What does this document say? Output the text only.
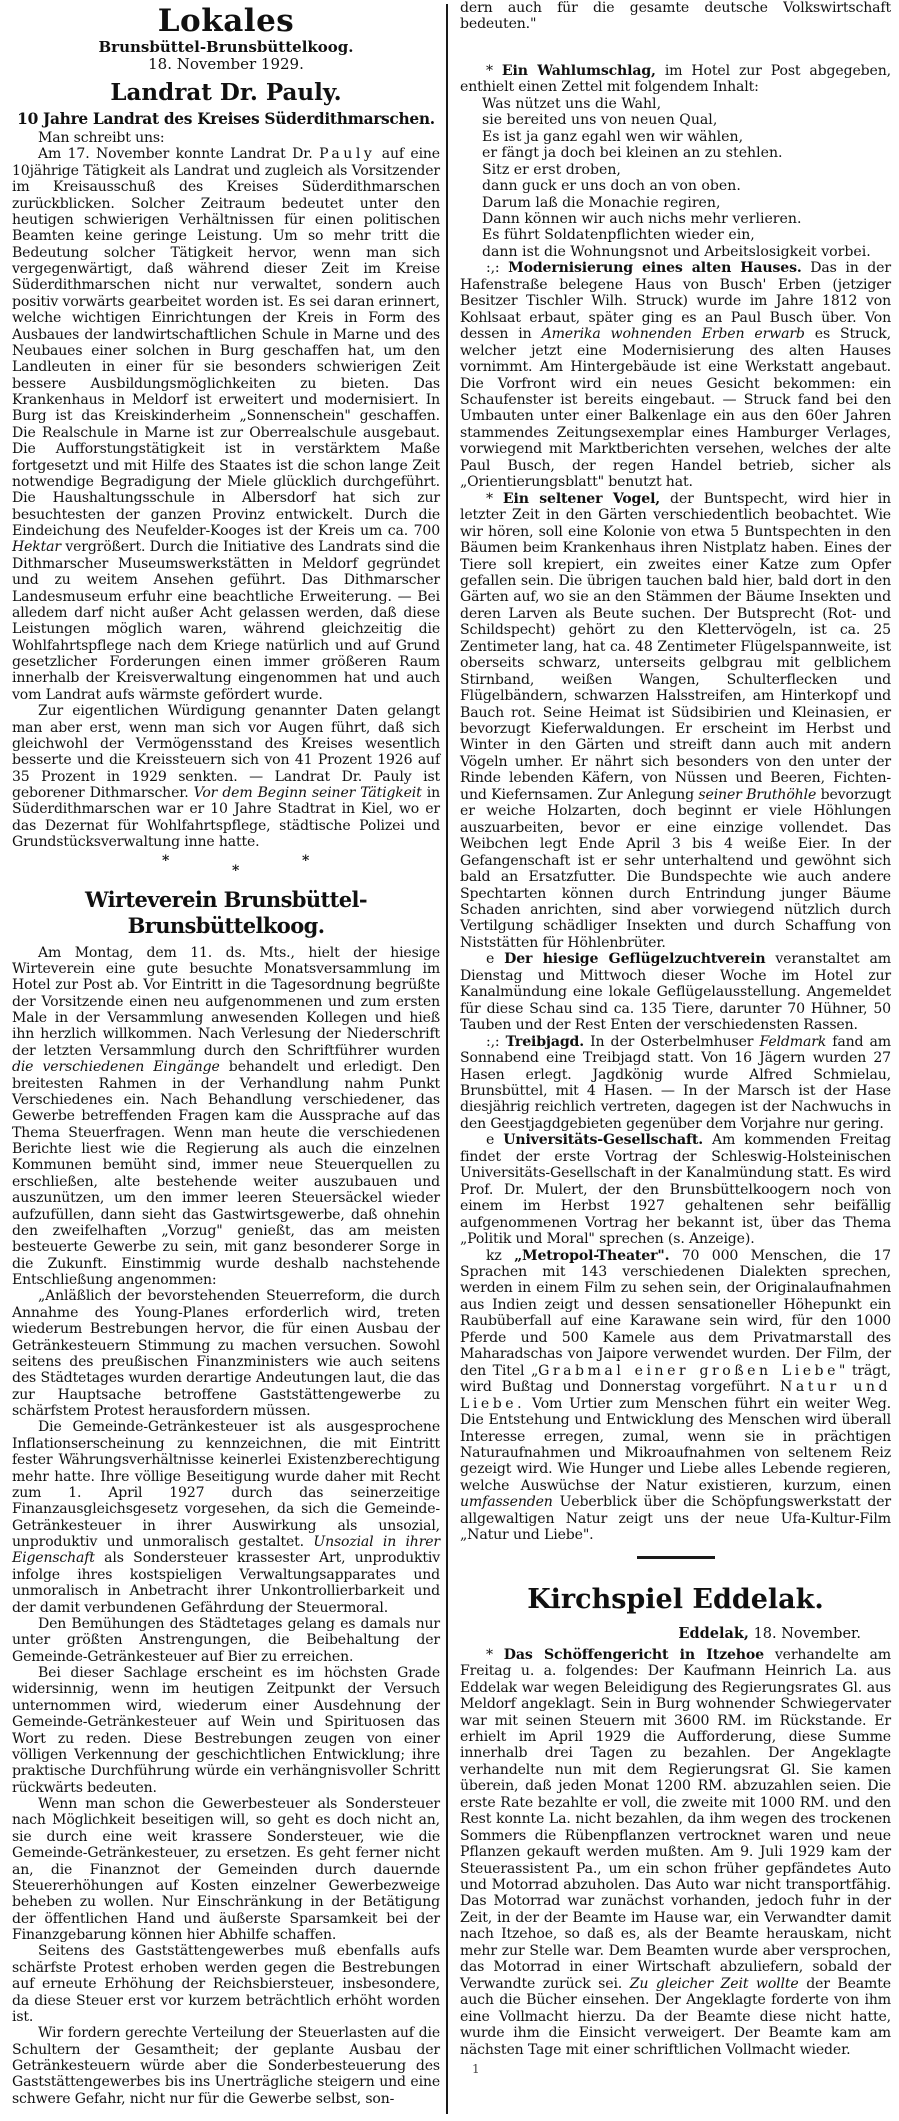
Lokales
Brunsbüttel-Brunsbüttelkoog.
18. November 1929.
Landrat Dr. Pauly.
10 Jahre Landrat des Kreises Süderdithmarschen.

Man schreibt uns:

Am 17. November konnte Landrat Dr. Pauly auf eine 10jährige Tätigkeit als Landrat und zugleich als Vorsitzender im Kreisausschuß des Kreises Süderdithmarschen zurückblicken. Solcher Zeitraum bedeutet unter den heutigen schwierigen Verhältnissen für einen politischen Beamten keine geringe Leistung. Um so mehr tritt die Bedeutung solcher Tätigkeit hervor, wenn man sich vergegenwärtigt, daß während dieser Zeit im Kreise Süderdithmarschen nicht nur verwaltet, sondern auch positiv vorwärts gearbeitet worden ist. Es sei daran erinnert, welche wichtigen Einrichtungen der Kreis in Form des Ausbaues der landwirtschaftlichen Schule in Marne und des Neubaues einer solchen in Burg geschaffen hat, um den Landleuten in einer für sie besonders schwierigen Zeit bessere Ausbildungsmöglichkeiten zu bieten. Das Krankenhaus in Meldorf ist erweitert und modernisiert. In Burg ist das Kreiskinderheim „Sonnenschein" geschaffen. Die Realschule in Marne ist zur Oberrealschule ausgebaut. Die Aufforstungstätigkeit ist in verstärktem Maße fortgesetzt und mit Hilfe des Staates ist die schon lange Zeit notwendige Begradigung der Miele glücklich durchgeführt. Die Haushaltungsschule in Albersdorf hat sich zur besuchtesten der ganzen Provinz entwickelt. Durch die Eindeichung des Neufelder-Kooges ist der Kreis um ca. 700 Hektar vergrößert. Durch die Initiative des Landrats sind die Dithmarscher Museumswerkstätten in Meldorf gegründet und zu weitem Ansehen geführt. Das Dithmarscher Landesmuseum erfuhr eine beachtliche Erweiterung. — Bei alledem darf nicht außer Acht gelassen werden, daß diese Leistungen möglich waren, während gleichzeitig die Wohlfahrtspflege nach dem Kriege natürlich und auf Grund gesetzlicher Forderungen einen immer größeren Raum innerhalb der Kreisverwaltung eingenommen hat und auch vom Landrat aufs wärmste gefördert wurde.

Zur eigentlichen Würdigung genannter Daten gelangt man aber erst, wenn man sich vor Augen führt, daß sich gleichwohl der Vermögensstand des Kreises wesentlich besserte und die Kreissteuern sich von 41 Prozent 1926 auf 35 Prozent in 1929 senkten. — Landrat Dr. Pauly ist geborener Dithmarscher. Vor dem Beginn seiner Tätigkeit in Süderdithmarschen war er 10 Jahre Stadtrat in Kiel, wo er das Dezernat für Wohlfahrtspflege, städtische Polizei und Grundstücksverwaltung inne hatte.

*
*
*
Wirteverein Brunsbüttel-Brunsbüttelkoog.

Am Montag, dem 11. ds. Mts., hielt der hiesige Wirteverein eine gute besuchte Monatsversammlung im Hotel zur Post ab. Vor Eintritt in die Tagesordnung begrüßte der Vorsitzende einen neu aufgenommenen und zum ersten Male in der Versammlung anwesenden Kollegen und hieß ihn herzlich willkommen. Nach Verlesung der Niederschrift der letzten Versammlung durch den Schriftführer wurden die verschiedenen Eingänge behandelt und erledigt. Den breitesten Rahmen in der Verhandlung nahm Punkt Verschiedenes ein. Nach Behandlung verschiedener, das Gewerbe betreffenden Fragen kam die Aussprache auf das Thema Steuerfragen. Wenn man heute die verschiedenen Berichte liest wie die Regierung als auch die einzelnen Kommunen bemüht sind, immer neue Steuerquellen zu erschließen, alte bestehende weiter auszubauen und auszunützen, um den immer leeren Steuersäckel wieder aufzufüllen, dann sieht das Gastwirtsgewerbe, daß ohnehin den zweifelhaften „Vorzug" genießt, das am meisten besteuerte Gewerbe zu sein, mit ganz besonderer Sorge in die Zukunft. Einstimmig wurde deshalb nachstehende Entschließung angenommen:

„Anläßlich der bevorstehenden Steuerreform, die durch Annahme des Young-Planes erforderlich wird, treten wiederum Bestrebungen hervor, die für einen Ausbau der Getränkesteuern Stimmung zu machen versuchen. Sowohl seitens des preußischen Finanzministers wie auch seitens des Städtetages wurden derartige Andeutungen laut, die das zur Hauptsache betroffene Gaststättengewerbe zu schärfstem Protest herausfordern müssen.

Die Gemeinde-Getränkesteuer ist als ausgesprochene Inflationserscheinung zu kennzeichnen, die mit Eintritt fester Währungsverhältnisse keinerlei Existenzberechtigung mehr hatte. Ihre völlige Beseitigung wurde daher mit Recht zum 1. April 1927 durch das seinerzeitige Finanzausgleichsgesetz vorgesehen, da sich die Gemeinde-Getränkesteuer in ihrer Auswirkung als unsozial, unproduktiv und unmoralisch gestaltet. Unsozial in ihrer Eigenschaft als Sondersteuer krassester Art, unproduktiv infolge ihres kostspieligen Verwaltungsapparates und unmoralisch in Anbetracht ihrer Unkontrollierbarkeit und der damit verbundenen Gefährdung der Steuermoral.

Den Bemühungen des Städtetages gelang es damals nur unter größten Anstrengungen, die Beibehaltung der Gemeinde-Getränkesteuer auf Bier zu erreichen.

Bei dieser Sachlage erscheint es im höchsten Grade widersinnig, wenn im heutigen Zeitpunkt der Versuch unternommen wird, wiederum einer Ausdehnung der Gemeinde-Getränkesteuer auf Wein und Spirituosen das Wort zu reden. Diese Bestrebungen zeugen von einer völligen Verkennung der geschichtlichen Entwicklung; ihre praktische Durchführung würde ein verhängnisvoller Schritt rückwärts bedeuten.

Wenn man schon die Gewerbesteuer als Sondersteuer nach Möglichkeit beseitigen will, so geht es doch nicht an, sie durch eine weit krassere Sondersteuer, wie die Gemeinde-Getränkesteuer, zu ersetzen. Es geht ferner nicht an, die Finanznot der Gemeinden durch dauernde Steuererhöhungen auf Kosten einzelner Gewerbezweige beheben zu wollen. Nur Einschränkung in der Betätigung der öffentlichen Hand und äußerste Sparsamkeit bei der Finanzgebarung können hier Abhilfe schaffen.

Seitens des Gaststättengewerbes muß ebenfalls aufs schärfste Protest erhoben werden gegen die Bestrebungen auf erneute Erhöhung der Reichsbiersteuer, insbesondere, da diese Steuer erst vor kurzem beträchtlich erhöht worden ist.

Wir fordern gerechte Verteilung der Steuerlasten auf die Schultern der Gesamtheit; der geplante Ausbau der Getränkesteuern würde aber die Sonderbesteuerung des Gaststättengewerbes bis ins Unerträgliche steigern und eine schwere Gefahr, nicht nur für die Gewerbe selbst, son-

dern auch für die gesamte deutsche Volkswirtschaft bedeuten."

* Ein Wahlumschlag, im Hotel zur Post abgegeben, enthielt einen Zettel mit folgendem Inhalt:

Was nützet uns die Wahl,
sie bereited uns von neuen Qual,
Es ist ja ganz egahl wen wir wählen,
er fängt ja doch bei kleinen an zu stehlen.
Sitz er erst droben,
dann guck er uns doch an von oben.
Darum laß die Monachie regiren,
Dann können wir auch nichs mehr verlieren.
Es führt Soldatenpflichten wieder ein,
dann ist die Wohnungsnot und Arbeitslosigkeit vorbei.

:,: Modernisierung eines alten Hauses. Das in der Hafenstraße belegene Haus von Busch' Erben (jetziger Besitzer Tischler Wilh. Struck) wurde im Jahre 1812 von Kohlsaat erbaut, später ging es an Paul Busch über. Von dessen in Amerika wohnenden Erben erwarb es Struck, welcher jetzt eine Modernisierung des alten Hauses vornimmt. Am Hintergebäude ist eine Werkstatt angebaut. Die Vorfront wird ein neues Gesicht bekommen: ein Schaufenster ist bereits eingebaut. — Struck fand bei den Umbauten unter einer Balkenlage ein aus den 60er Jahren stammendes Zeitungsexemplar eines Hamburger Verlages, vorwiegend mit Marktberichten versehen, welches der alte Paul Busch, der regen Handel betrieb, sicher als „Orientierungsblatt" benutzt hat.

* Ein seltener Vogel, der Buntspecht, wird hier in letzter Zeit in den Gärten verschiedentlich beobachtet. Wie wir hören, soll eine Kolonie von etwa 5 Buntspechten in den Bäumen beim Krankenhaus ihren Nistplatz haben. Eines der Tiere soll krepiert, ein zweites einer Katze zum Opfer gefallen sein. Die übrigen tauchen bald hier, bald dort in den Gärten auf, wo sie an den Stämmen der Bäume Insekten und deren Larven als Beute suchen. Der Butsprecht (Rot- und Schildspecht) gehört zu den Klettervögeln, ist ca. 25 Zentimeter lang, hat ca. 48 Zentimeter Flügelspannweite, ist oberseits schwarz, unterseits gelbgrau mit gelblichem Stirnband, weißen Wangen, Schulterflecken und Flügelbändern, schwarzen Halsstreifen, am Hinterkopf und Bauch rot. Seine Heimat ist Südsibirien und Kleinasien, er bevorzugt Kieferwaldungen. Er erscheint im Herbst und Winter in den Gärten und streift dann auch mit andern Vögeln umher. Er nährt sich besonders von den unter der Rinde lebenden Käfern, von Nüssen und Beeren, Fichten- und Kiefernsamen. Zur Anlegung seiner Bruthöhle bevorzugt er weiche Holzarten, doch beginnt er viele Höhlungen auszuarbeiten, bevor er eine einzige vollendet. Das Weibchen legt Ende April 3 bis 4 weiße Eier. In der Gefangenschaft ist er sehr unterhaltend und gewöhnt sich bald an Ersatzfutter. Die Bundspechte wie auch andere Spechtarten können durch Entrindung junger Bäume Schaden anrichten, sind aber vorwiegend nützlich durch Vertilgung schädliger Insekten und durch Schaffung von Niststätten für Höhlenbrüter.

e Der hiesige Geflügelzuchtverein veranstaltet am Dienstag und Mittwoch dieser Woche im Hotel zur Kanalmündung eine lokale Geflügelausstellung. Angemeldet für diese Schau sind ca. 135 Tiere, darunter 70 Hühner, 50 Tauben und der Rest Enten der verschiedensten Rassen.

:,: Treibjagd. In der Osterbelmhuser Feldmark fand am Sonnabend eine Treibjagd statt. Von 16 Jägern wurden 27 Hasen erlegt. Jagdkönig wurde Alfred Schmielau, Brunsbüttel, mit 4 Hasen. — In der Marsch ist der Hase diesjährig reichlich vertreten, dagegen ist der Nachwuchs in den Geestjagdgebieten gegenüber dem Vorjahre nur gering.

e Universitäts-Gesellschaft. Am kommenden Freitag findet der erste Vortrag der Schleswig-Holsteinischen Universitäts-Gesellschaft in der Kanalmündung statt. Es wird Prof. Dr. Mulert, der den Brunsbüttelkoogern noch von einem im Herbst 1927 gehaltenen sehr beifällig aufgenommenen Vortrag her bekannt ist, über das Thema „Politik und Moral" sprechen (s. Anzeige).

kz „Metropol-Theater". 70 000 Menschen, die 17 Sprachen mit 143 verschiedenen Dialekten sprechen, werden in einem Film zu sehen sein, der Originalaufnahmen aus Indien zeigt und dessen sensationeller Höhepunkt ein Raubüberfall auf eine Karawane sein wird, für den 1000 Pferde und 500 Kamele aus dem Privatmarstall des Maharadschas von Jaipore verwendet wurden. Der Film, der den Titel „Grabmal einer großen Liebe" trägt, wird Bußtag und Donnerstag vorgeführt. Natur und Liebe. Vom Urtier zum Menschen führt ein weiter Weg. Die Entstehung und Entwicklung des Menschen wird überall Interesse erregen, zumal, wenn sie in prächtigen Naturaufnahmen und Mikroaufnahmen von seltenem Reiz gezeigt wird. Wie Hunger und Liebe alles Lebende regieren, welche Auswüchse der Natur existieren, kurzum, einen umfassenden Ueberblick über die Schöpfungswerkstatt der allgewaltigen Natur zeigt uns der neue Ufa-Kultur-Film „Natur und Liebe".

Kirchspiel Eddelak.
Eddelak, 18. November.

* Das Schöffengericht in Itzehoe verhandelte am Freitag u. a. folgendes: Der Kaufmann Heinrich La. aus Eddelak war wegen Beleidigung des Regierungsrates Gl. aus Meldorf angeklagt. Sein in Burg wohnender Schwiegervater war mit seinen Steuern mit 3600 RM. im Rückstande. Er erhielt im April 1929 die Aufforderung, diese Summe innerhalb drei Tagen zu bezahlen. Der Angeklagte verhandelte nun mit dem Regierungsrat Gl. Sie kamen überein, daß jeden Monat 1200 RM. abzuzahlen seien. Die erste Rate bezahlte er voll, die zweite mit 1000 RM. und den Rest konnte La. nicht bezahlen, da ihm wegen des trockenen Sommers die Rübenpflanzen vertrocknet waren und neue Pflanzen gekauft werden mußten. Am 9. Juli 1929 kam der Steuerassistent Pa., um ein schon früher gepfändetes Auto und Motorrad abzuholen. Das Auto war nicht transportfähig. Das Motorrad war zunächst vorhanden, jedoch fuhr in der Zeit, in der der Beamte im Hause war, ein Verwandter damit nach Itzehoe, so daß es, als der Beamte herauskam, nicht mehr zur Stelle war. Dem Beamten wurde aber versprochen, das Motorrad in einer Wirtschaft abzuliefern, sobald der Verwandte zurück sei. Zu gleicher Zeit wollte der Beamte auch die Bücher einsehen. Der Angeklagte forderte von ihm eine Vollmacht hierzu. Da der Beamte diese nicht hatte, wurde ihm die Einsicht verweigert. Der Beamte kam am nächsten Tage mit einer schriftlichen Vollmacht wieder.

1
